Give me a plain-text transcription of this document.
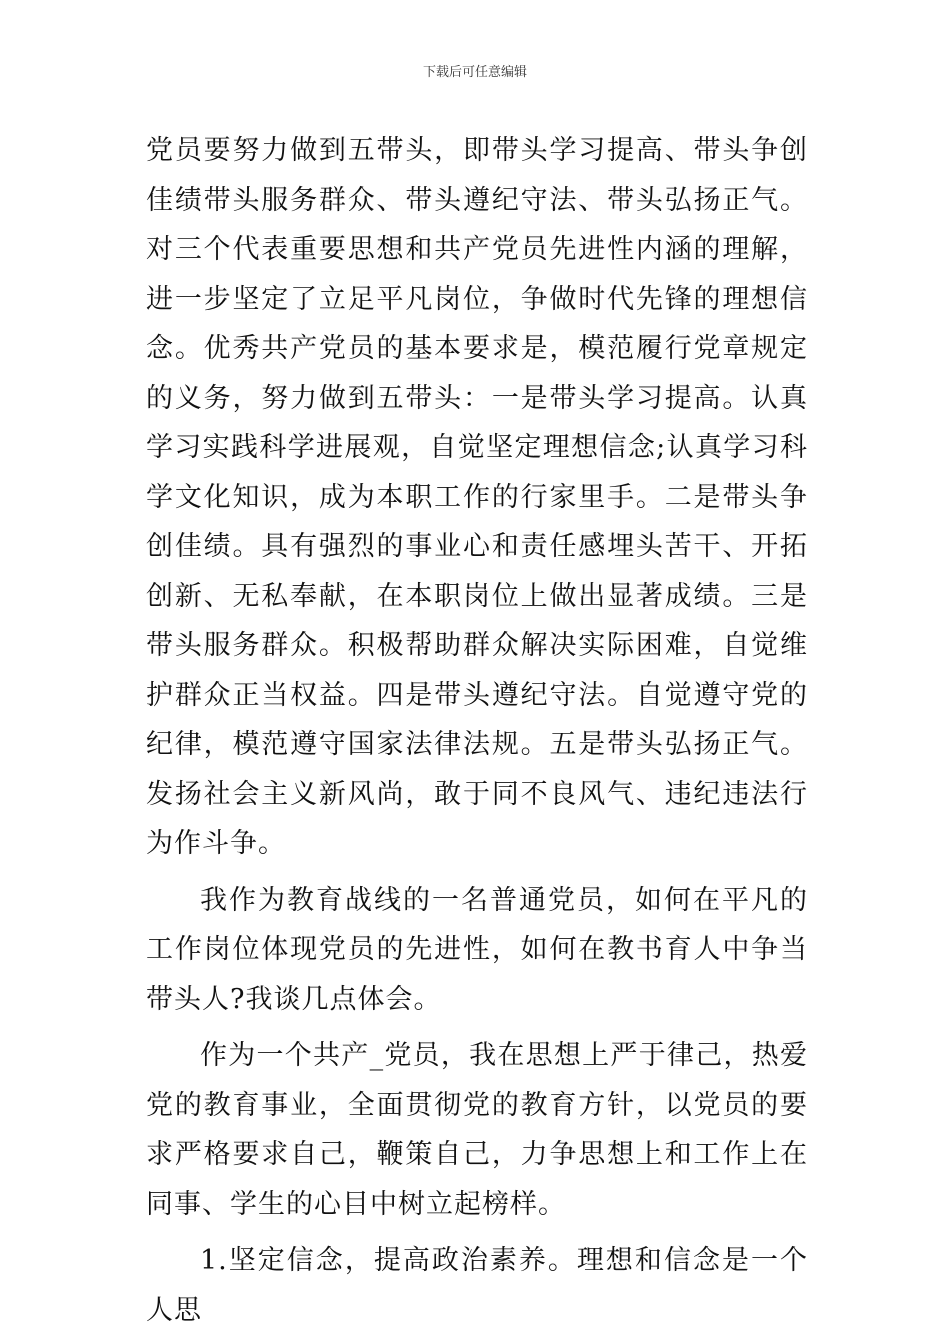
下载后可任意编辑

党员要努力做到五带头，即带头学习提高、带头争创佳绩带头服务群众、带头遵纪守法、带头弘扬正气。对三个代表重要思想和共产党员先进性内涵的理解，进一步坚定了立足平凡岗位，争做时代先锋的理想信念。优秀共产党员的基本要求是，模范履行党章规定的义务，努力做到五带头：一是带头学习提高。认真学习实践科学进展观，自觉坚定理想信念;认真学习科学文化知识，成为本职工作的行家里手。二是带头争创佳绩。具有强烈的事业心和责任感埋头苦干、开拓创新、无私奉献，在本职岗位上做出显著成绩。三是带头服务群众。积极帮助群众解决实际困难，自觉维护群众正当权益。四是带头遵纪守法。自觉遵守党的纪律，模范遵守国家法律法规。五是带头弘扬正气。发扬社会主义新风尚，敢于同不良风气、违纪违法行为作斗争。

我作为教育战线的一名普通党员，如何在平凡的工作岗位体现党员的先进性，如何在教书育人中争当带头人?我谈几点体会。

作为一个共产_党员，我在思想上严于律己，热爱党的教育事业，全面贯彻党的教育方针，以党员的要求严格要求自己，鞭策自己，力争思想上和工作上在同事、学生的心目中树立起榜样。

1.坚定信念，提高政治素养。理想和信念是一个人思
